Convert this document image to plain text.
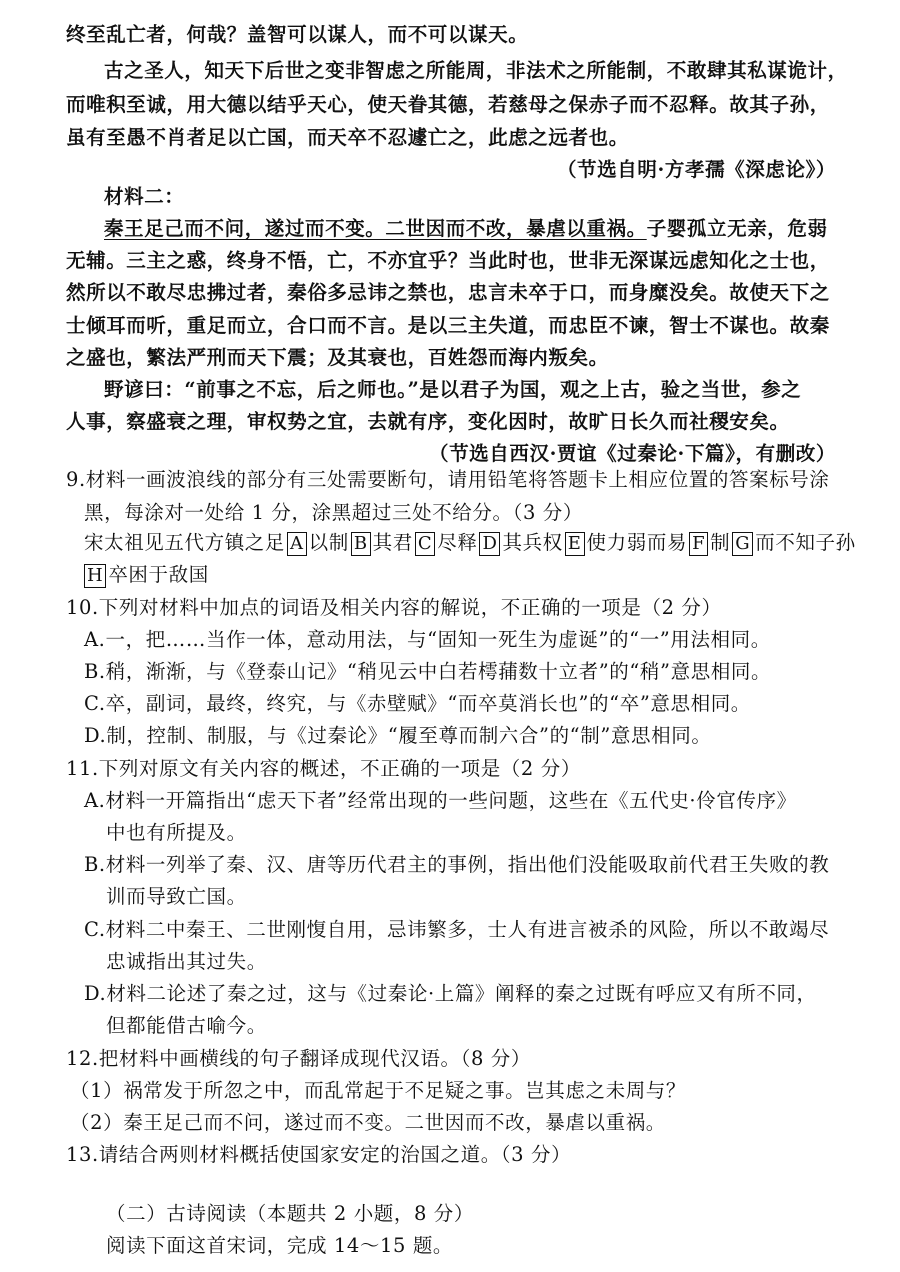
终至乱亡者，何哉？盖智可以谋人，而不可以谋天。
古之圣人，知天下后世之变非智虑之所能周，非法术之所能制，不敢肆其私谋诡计，
而唯积至诚，用大德以结乎天心，使天眷其德，若慈母之保赤子而不忍释。故其子孙，
虽有至愚不肖者足以亡国，而天卒不忍遽亡之，此虑之远者也。
（节选自明·方孝孺《深虑论》）
材料二：
秦王足己而不问，遂过而不变。二世因而不改，暴虐以重祸。子婴孤立无亲，危弱
无辅。三主之惑，终身不悟，亡，不亦宜乎？当此时也，世非无深谋远虑知化之士也，
然所以不敢尽忠拂过者，秦俗多忌讳之禁也，忠言未卒于口，而身糜没矣。故使天下之
士倾耳而听，重足而立，合口而不言。是以三主失道，而忠臣不谏，智士不谋也。故秦
之盛也，繁法严刑而天下震；及其衰也，百姓怨而海内叛矣。
野谚曰：“前事之不忘，后之师也。”是以君子为国，观之上古，验之当世，参之
人事，察盛衰之理，审权势之宜，去就有序，变化因时，故旷日长久而社稷安矣。
（节选自西汉·贾谊《过秦论·下篇》，有删改）
9.材料一画波浪线的部分有三处需要断句，请用铅笔将答题卡上相应位置的答案标号涂
黑，每涂对一处给 1 分，涂黑超过三处不给分。（3 分）
宋太祖见五代方镇之足 A 以制 B 其君 C 尽释 D 其兵权 E 使力弱而易 F 制 G 而不知子孙
H 卒困于敌国
10.下列对材料中加点的词语及相关内容的解说，不正确的一项是（2 分）
A.一，把……当作一体，意动用法，与“固知一死生为虚诞”的“一”用法相同。
B.稍，渐渐，与《登泰山记》“稍见云中白若樗蒱数十立者”的“稍”意思相同。
C.卒，副词，最终，终究，与《赤壁赋》“而卒莫消长也”的“卒”意思相同。
D.制，控制、制服，与《过秦论》“履至尊而制六合”的“制”意思相同。
11.下列对原文有关内容的概述，不正确的一项是（2 分）
A.材料一开篇指出“虑天下者”经常出现的一些问题，这些在《五代史·伶官传序》
中也有所提及。
B.材料一列举了秦、汉、唐等历代君主的事例，指出他们没能吸取前代君王失败的教
训而导致亡国。
C.材料二中秦王、二世刚愎自用，忌讳繁多，士人有进言被杀的风险，所以不敢竭尽
忠诚指出其过失。
D.材料二论述了秦之过，这与《过秦论·上篇》阐释的秦之过既有呼应又有所不同，
但都能借古喻今。
12.把材料中画横线的句子翻译成现代汉语。（8 分）
（1）祸常发于所忽之中，而乱常起于不足疑之事。岂其虑之未周与？
（2）秦王足己而不问，遂过而不变。二世因而不改，暴虐以重祸。
13.请结合两则材料概括使国家安定的治国之道。（3 分）
（二）古诗阅读（本题共 2 小题，8 分）
阅读下面这首宋词，完成 14～15 题。
